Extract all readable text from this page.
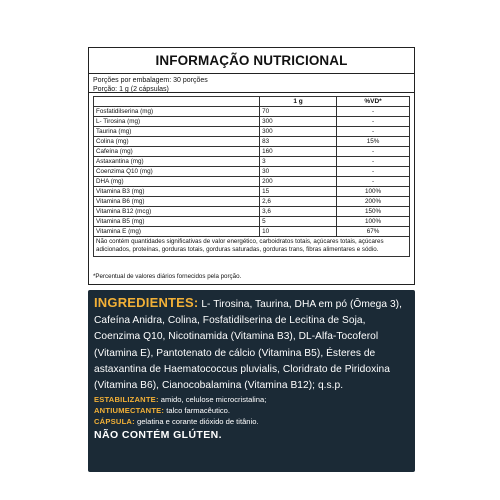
INFORMAÇÃO NUTRICIONAL
Porções por embalagem: 30 porções
Porção: 1 g (2 cápsulas)
	1 g	%VD*
Fosfatidilserina (mg)	70	-
L- Tirosina (mg)	300	-
Taurina (mg)	300	-
Colina (mg)	83	15%
Cafeína (mg)	160	-
Astaxantina (mg)	3	-
Coenzima Q10 (mg)	30	-
DHA (mg)	200	-
Vitamina B3 (mg)	15	100%
Vitamina B6 (mg)	2,6	200%
Vitamina B12 (mcg)	3,6	150%
Vitamina B5 (mg)	5	100%
Vitamina E (mg)	10	67%
Não contém quantidades significativas de valor energético, carboidratos totais, açúcares totais, açúcares adicionados, proteínas, gorduras totais, gorduras saturadas, gorduras trans, fibras alimentares e sódio.		
*Percentual de valores diários fornecidos pela porção.
INGREDIENTES: L- Tirosina, Taurina, DHA em pó (Ômega 3), Cafeína Anidra, Colina, Fosfatidilserina de Lecitina de Soja, Coenzima Q10, Nicotinamida (Vitamina B3), DL-Alfa-Tocoferol (Vitamina E), Pantotenato de cálcio (Vitamina B5), Ésteres de astaxantina de Haematococcus pluvialis, Cloridrato de Piridoxina (Vitamina B6), Cianocobalamina (Vitamina B12); q.s.p.
ESTABILIZANTE: amido, celulose microcristalina;
ANTIUMECTANTE: talco farmacêutico.
CÁPSULA: gelatina e corante dióxido de titânio.
NÃO CONTÉM GLÚTEN.
